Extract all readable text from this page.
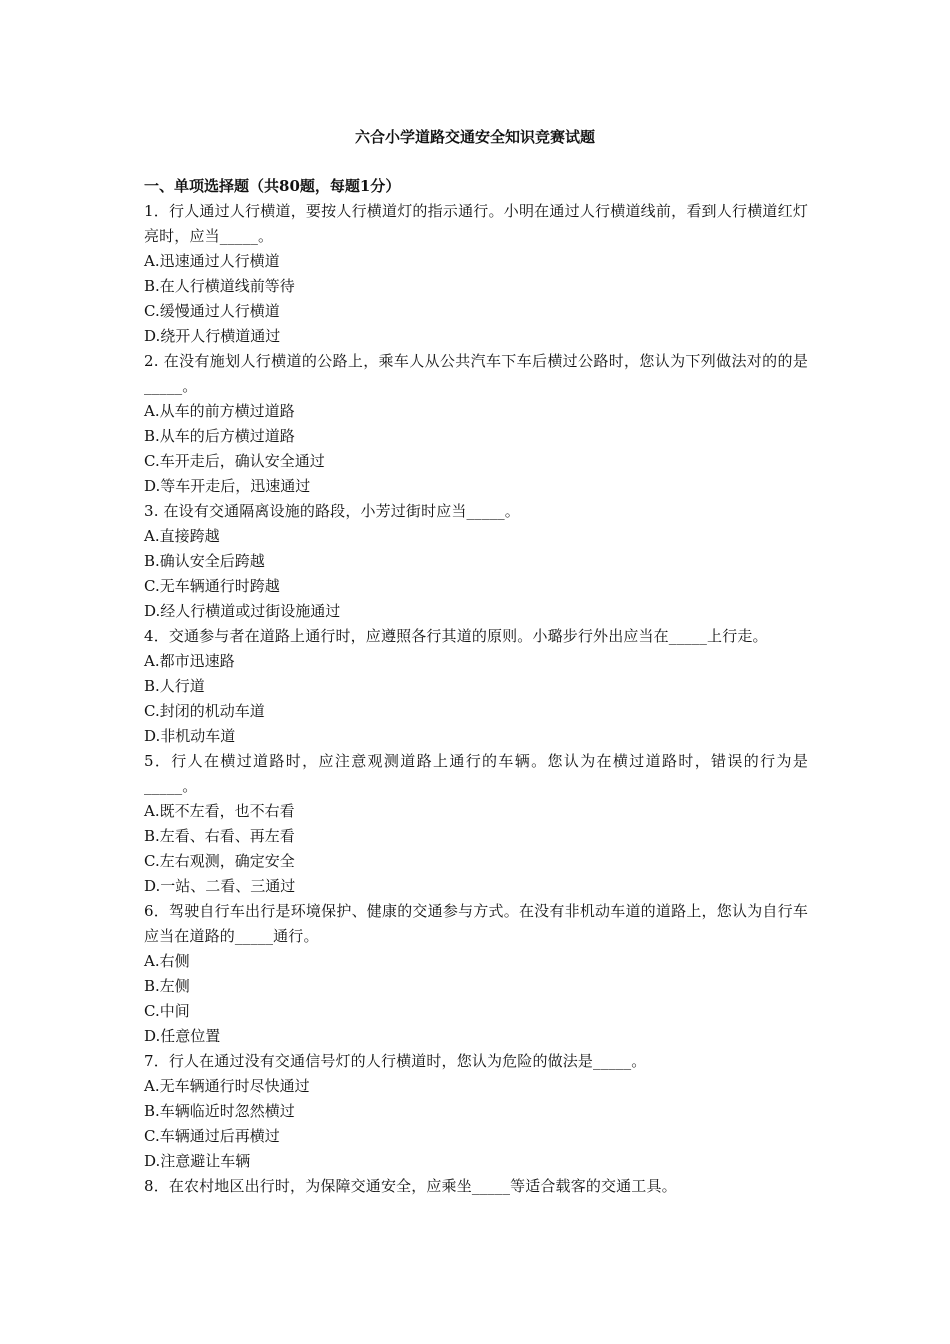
六合小学道路交通安全知识竞赛试题

一、单项选择题（共80题，每题1分）

1．行人通过人行横道，要按人行横道灯的指示通行。小明在通过人行横道线前，看到人行横道红灯亮时，应当_____。

A.迅速通过人行横道

B.在人行横道线前等待

C.缓慢通过人行横道

D.绕开人行横道通过

2. 在没有施划人行横道的公路上，乘车人从公共汽车下车后横过公路时，您认为下列做法对的的是_____。

A.从车的前方横过道路

B.从车的后方横过道路

C.车开走后，确认安全通过

D.等车开走后，迅速通过

3. 在设有交通隔离设施的路段，小芳过街时应当_____。

A.直接跨越

B.确认安全后跨越

C.无车辆通行时跨越

D.经人行横道或过街设施通过

4．交通参与者在道路上通行时，应遵照各行其道的原则。小璐步行外出应当在_____上行走。

A.都市迅速路

B.人行道

C.封闭的机动车道

D.非机动车道

5．行人在横过道路时，应注意观测道路上通行的车辆。您认为在横过道路时，错误的行为是_____。

A.既不左看，也不右看

B.左看、右看、再左看

C.左右观测，确定安全

D.一站、二看、三通过

6．驾驶自行车出行是环境保护、健康的交通参与方式。在没有非机动车道的道路上，您认为自行车应当在道路的_____通行。

A.右侧

B.左侧

C.中间

D.任意位置

7．行人在通过没有交通信号灯的人行横道时，您认为危险的做法是_____。

A.无车辆通行时尽快通过

B.车辆临近时忽然横过

C.车辆通过后再横过

D.注意避让车辆

8．在农村地区出行时，为保障交通安全，应乘坐_____等适合载客的交通工具。
